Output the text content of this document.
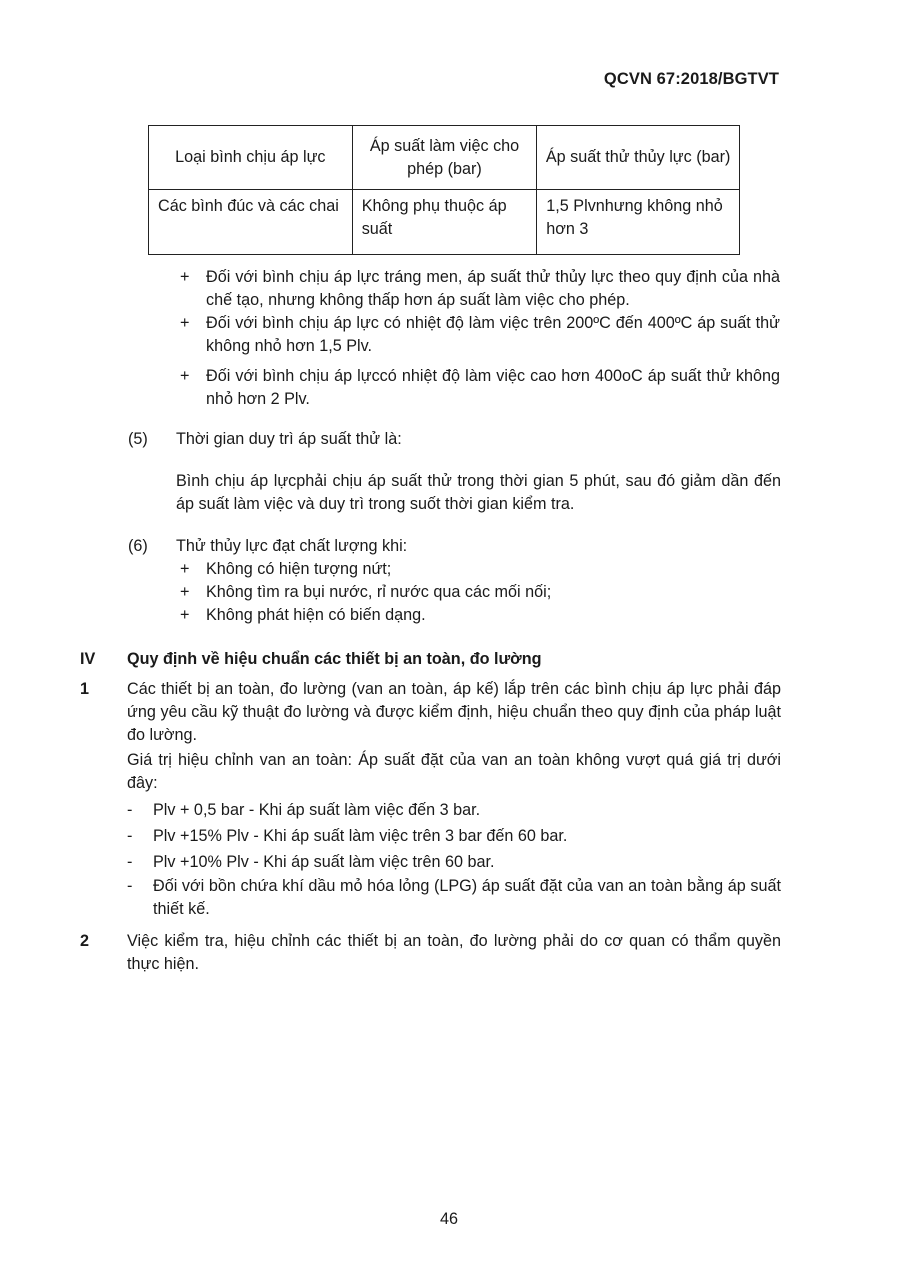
QCVN 67:2018/BGTVT
Loại bình chịu áp lực	Áp suất làm việc cho phép (bar)	Áp suất thử thủy lực (bar)

Các bình đúc và các chai	Không phụ thuộc áp suất	1,5 Plvnhưng không nhỏ hơn 3
+	Đối với bình chịu áp lực tráng men, áp suất thử thủy lực theo quy định của nhà chế tạo, nhưng không thấp hơn áp suất làm việc cho phép.
+	Đối với bình chịu áp lực có nhiệt độ làm việc trên 200ºC đến 400ºC áp suất thử không nhỏ hơn 1,5 Plv.
+	Đối với bình chịu áp lựccó nhiệt độ làm việc cao hơn 400oC áp suất thử không nhỏ hơn 2 Plv.
(5) Thời gian duy trì áp suất thử là:
Bình chịu áp lựcphải chịu áp suất thử trong thời gian 5 phút, sau đó giảm dần đến áp suất làm việc và duy trì trong suốt thời gian kiểm tra.
(6) Thử thủy lực đạt chất lượng khi:
+ Không có hiện tượng nứt;
+ Không tìm ra bụi nước, rỉ nước qua các mối nối;
+ Không phát hiện có biến dạng.
IV Quy định về hiệu chuẩn các thiết bị an toàn, đo lường
1 Các thiết bị an toàn, đo lường (van an toàn, áp kế) lắp trên các bình chịu áp lực phải đáp ứng yêu cầu kỹ thuật đo lường và được kiểm định, hiệu chuẩn theo quy định của pháp luật đo lường.
Giá trị hiệu chỉnh van an toàn: Áp suất đặt của van an toàn không vượt quá giá trị dưới đây:
- Plv + 0,5 bar - Khi áp suất làm việc đến 3 bar.
- Plv +15% Plv - Khi áp suất làm việc trên 3 bar đến 60 bar.
- Plv +10% Plv - Khi áp suất làm việc trên 60 bar.
-	Đối với bồn chứa khí dầu mỏ hóa lỏng (LPG) áp suất đặt của van an toàn bằng áp suất thiết kế.
2 Việc kiểm tra, hiệu chỉnh các thiết bị an toàn, đo lường phải do cơ quan có thẩm quyền thực hiện.
46
